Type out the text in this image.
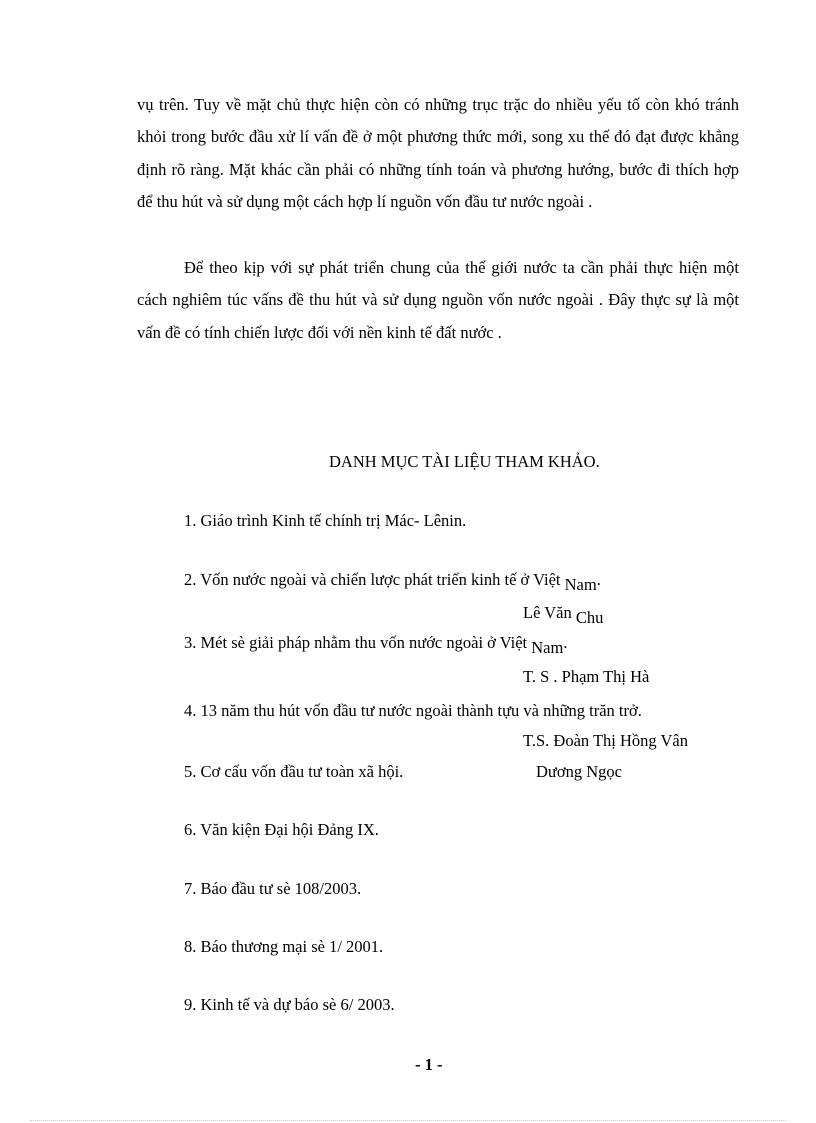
vụ trên. Tuy về mặt chủ thực hiện còn có những trục trặc do nhiều yếu tố còn khó tránh khỏi trong bước đầu xử lí vấn đề ở một phương thức mới, song xu thế đó đạt được khẳng định rõ ràng. Mặt khác cần phải có những tính toán và phương hướng, bước đi thích hợp để thu hút và sử dụng một cách hợp lí nguồn vốn đầu tư nước ngoài .

Để theo kịp với sự phát triển chung của thế giới nước ta cần phải thực hiện một cách nghiêm túc vấns đề thu hút và sử dụng nguồn vốn nước ngoài . Đây thực sự là một vấn đề có tính chiến lược đối với nền kinh tế đất nước .

DANH MỤC TÀI LIỆU THAM KHẢO.
1. Giáo trình Kinh tế chính trị Mác- Lênin.
2. Vốn nước ngoài và chiến lược phát triển kinh tế ở Việt Nam.
Lê Văn Chu
3. Mét sè giải pháp nhằm thu vốn nước ngoài ở Việt Nam.
T. S . Phạm Thị Hà
4. 13 năm thu hút vốn đầu tư nước ngoài thành tựu và những trăn trở.
T.S. Đoàn Thị Hồng Vân
5. Cơ cấu vốn đầu tư toàn xã hội.	Dương Ngọc
6. Văn kiện Đại hội Đảng IX.
7. Báo đầu tư sè 108/2003.
8. Báo thương mại sè 1/ 2001.
9. Kinh tế và dự báo sè 6/ 2003.
- 1 -
